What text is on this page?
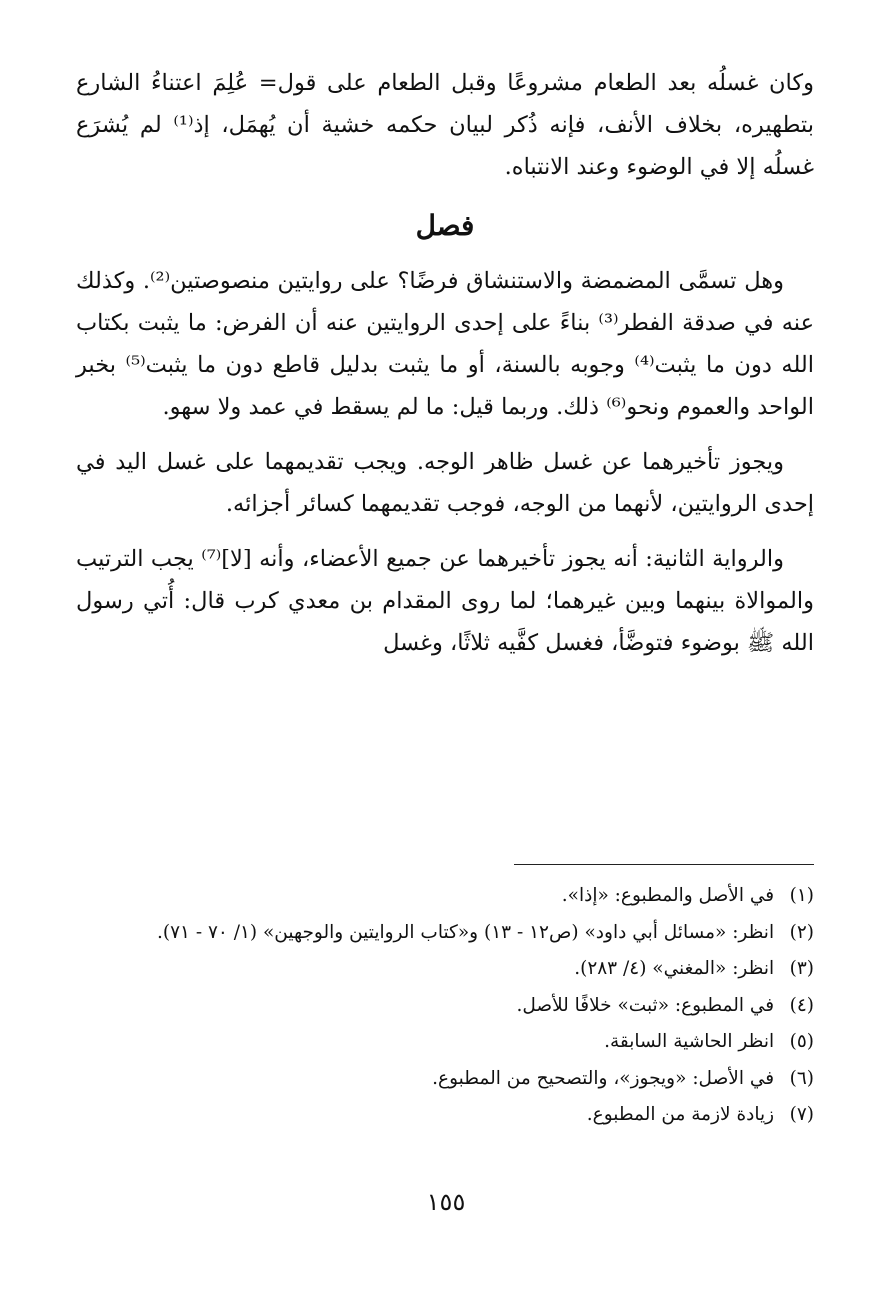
وكان غسلُه بعد الطعام مشروعًا وقبل الطعام على قول= عُلِمَ اعتناءُ الشارع بتطهيره، بخلاف الأنف، فإنه ذُكر لبيان حكمه خشية أن يُهمَل، إذ⁽¹⁾ لم يُشرَع غسلُه إلا في الوضوء وعند الانتباه.

فصل

وهل تسمَّى المضمضة والاستنشاق فرضًا؟ على روايتين منصوصتين⁽²⁾. وكذلك عنه في صدقة الفطر⁽³⁾ بناءً على إحدى الروايتين عنه أن الفرض: ما يثبت بكتاب الله دون ما يثبت⁽⁴⁾ وجوبه بالسنة، أو ما يثبت بدليل قاطع دون ما يثبت⁽⁵⁾ بخبر الواحد والعموم ونحو⁽⁶⁾ ذلك. وربما قيل: ما لم يسقط في عمد ولا سهو.

ويجوز تأخيرهما عن غسل ظاهر الوجه. ويجب تقديمهما على غسل اليد في إحدى الروايتين، لأنهما من الوجه، فوجب تقديمهما كسائر أجزائه.

والرواية الثانية: أنه يجوز تأخيرهما عن جميع الأعضاء، وأنه [لا]⁽⁷⁾ يجب الترتيب والموالاة بينهما وبين غيرهما؛ لما روى المقدام بن معدي كرب قال: أُتي رسول الله ﷺ بوضوء فتوضَّأ، فغسل كفَّيه ثلاثًا، وغسل

(١) في الأصل والمطبوع: «إذا».
(٢) انظر: «مسائل أبي داود» (ص١٢ - ١٣) و«كتاب الروايتين والوجهين» (١/ ٧٠ - ٧١).
(٣) انظر: «المغني» (٤/ ٢٨٣).
(٤) في المطبوع: «ثبت» خلافًا للأصل.
(٥) انظر الحاشية السابقة.
(٦) في الأصل: «ويجوز»، والتصحيح من المطبوع.
(٧) زيادة لازمة من المطبوع.
١٥٥
